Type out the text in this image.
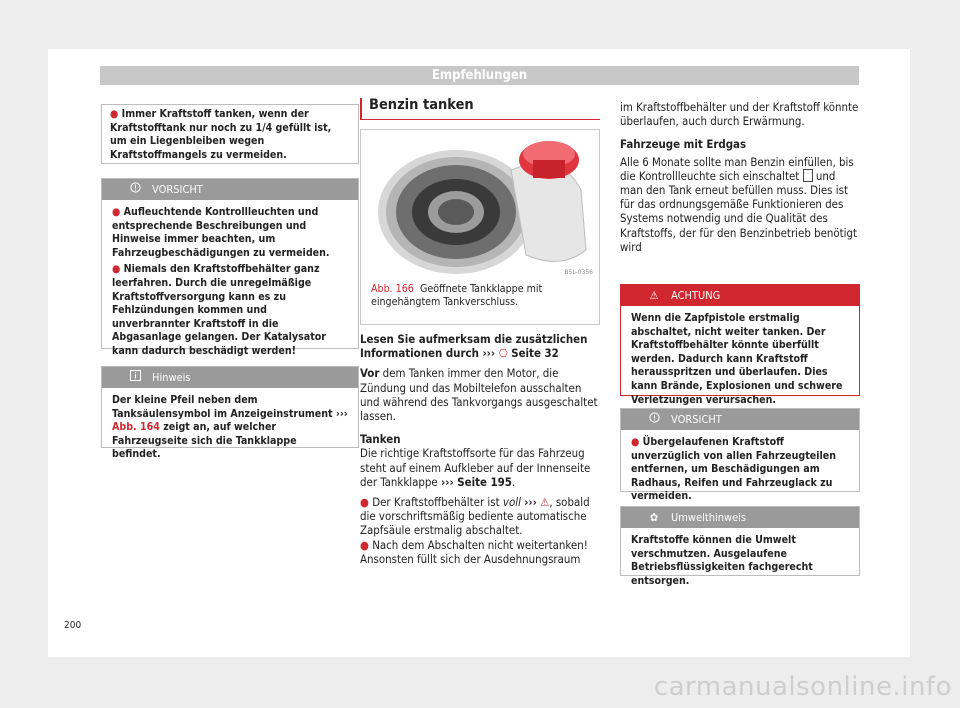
Empfehlungen
● Immer Kraftstoff tanken, wenn der Kraftstofftank nur noch zu 1/4 gefüllt ist, um ein Liegenbleiben wegen Kraftstoffmangels zu vermeiden.
VORSICHT

● Aufleuchtende Kontrollleuchten und entsprechende Beschreibungen und Hinweise immer beachten, um Fahrzeugbeschädigungen zu vermeiden.

● Niemals den Kraftstoffbehälter ganz leerfahren. Durch die unregelmäßige Kraftstoffversorgung kann es zu Fehlzündungen kommen und unverbrannter Kraftstoff in die Abgasanlage gelangen. Der Katalysator kann dadurch beschädigt werden!

Hinweis
Der kleine Pfeil neben dem Tanksäulensymbol im Anzeigeinstrument ››› Abb. 164 zeigt an, auf welcher Fahrzeugseite sich die Tankklappe befindet.
Benzin tanken
B5L-0356
Abb. 166 Geöffnete Tankklappe mit eingehängtem Tankverschluss.

Lesen Sie aufmerksam die zusätzlichen Informationen durch ››› ⎔ Seite 32

Vor dem Tanken immer den Motor, die Zündung und das Mobiltelefon ausschalten und während des Tankvorgangs ausgeschaltet lassen.

Tanken

Die richtige Kraftstoffsorte für das Fahrzeug steht auf einem Aufkleber auf der Innenseite der Tankklappe ››› Seite 195.

● Der Kraftstoffbehälter ist voll ››› ⚠, sobald die vorschriftsmäßig bediente automatische Zapfsäule erstmalig abschaltet.

● Nach dem Abschalten nicht weitertanken! Ansonsten füllt sich der Ausdehnungsraum

im Kraftstoffbehälter und der Kraftstoff könnte überlaufen, auch durch Erwärmung.

Fahrzeuge mit Erdgas

Alle 6 Monate sollte man Benzin einfüllen, bis die Kontrollleuchte sich einschaltet und man den Tank erneut befüllen muss. Dies ist für das ordnungsgemäße Funktionieren des Systems notwendig und die Qualität des Kraftstoffs, der für den Benzinbetrieb benötigt wird

⚠ ACHTUNG
Wenn die Zapfpistole erstmalig abschaltet, nicht weiter tanken. Der Kraftstoffbehälter könnte überfüllt werden. Dadurch kann Kraftstoff herausspritzen und überlaufen. Dies kann Brände, Explosionen und schwere Verletzungen verursachen.
VORSICHT
● Übergelaufenen Kraftstoff unverzüglich von allen Fahrzeugteilen entfernen, um Beschädigungen am Radhaus, Reifen und Fahrzeuglack zu vermeiden.
✿ Umwelthinweis
Kraftstoffe können die Umwelt verschmutzen. Ausgelaufene Betriebsflüssigkeiten fachgerecht entsorgen.
200
carmanualsonline.info
